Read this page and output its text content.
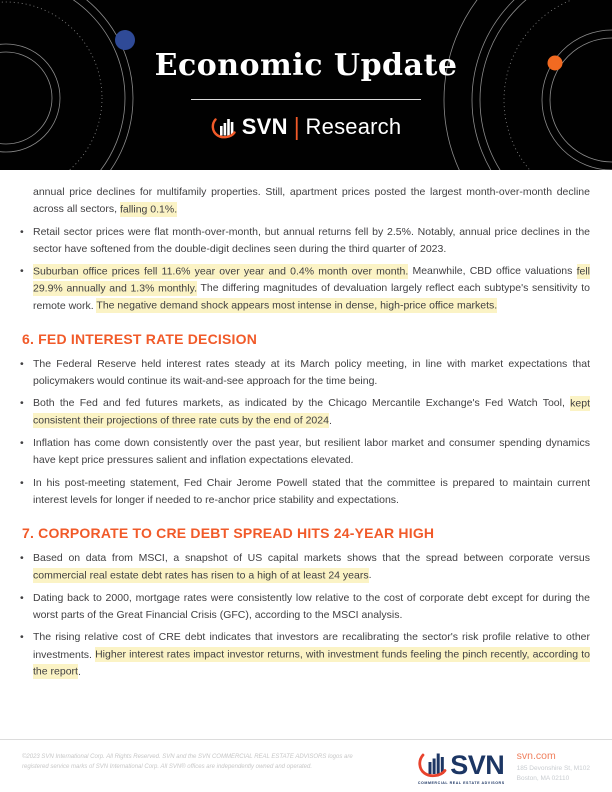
Economic Update
SVN | Research
annual price declines for multifamily properties. Still, apartment prices posted the largest month-over-month decline across all sectors, falling 0.1%.
• Retail sector prices were flat month-over-month, but annual returns fell by 2.5%. Notably, annual price declines in the sector have softened from the double-digit declines seen during the third quarter of 2023.
• Suburban office prices fell 11.6% year over year and 0.4% month over month. Meanwhile, CBD office valuations fell 29.9% annually and 1.3% monthly. The differing magnitudes of devaluation largely reflect each subtype's sensitivity to remote work. The negative demand shock appears most intense in dense, high-price office markets.
6. FED INTEREST RATE DECISION
• The Federal Reserve held interest rates steady at its March policy meeting, in line with market expectations that policymakers would continue its wait-and-see approach for the time being.
• Both the Fed and fed futures markets, as indicated by the Chicago Mercantile Exchange's Fed Watch Tool, kept consistent their projections of three rate cuts by the end of 2024.
• Inflation has come down consistently over the past year, but resilient labor market and consumer spending dynamics have kept price pressures salient and inflation expectations elevated.
• In his post-meeting statement, Fed Chair Jerome Powell stated that the committee is prepared to maintain current interest levels for longer if needed to re-anchor price stability and expectations.
7. CORPORATE TO CRE DEBT SPREAD HITS 24-YEAR HIGH
• Based on data from MSCI, a snapshot of US capital markets shows that the spread between corporate versus commercial real estate debt rates has risen to a high of at least 24 years.
• Dating back to 2000, mortgage rates were consistently low relative to the cost of corporate debt except for during the worst parts of the Great Financial Crisis (GFC), according to the MSCI analysis.
• The rising relative cost of CRE debt indicates that investors are recalibrating the sector's risk profile relative to other investments. Higher interest rates impact investor returns, with investment funds feeling the pinch recently, according to the report.
©2023 SVN International Corp. All Rights Reserved. SVN and the SVN COMMERCIAL REAL ESTATE ADVISORS logos are registered service marks of SVN International Corp. All SVN® offices are independently owned and operated.	SVN
COMMERCIAL REAL ESTATE ADVISORS
svn.com
185 Devonshire St, M102
Boston, MA 02110
